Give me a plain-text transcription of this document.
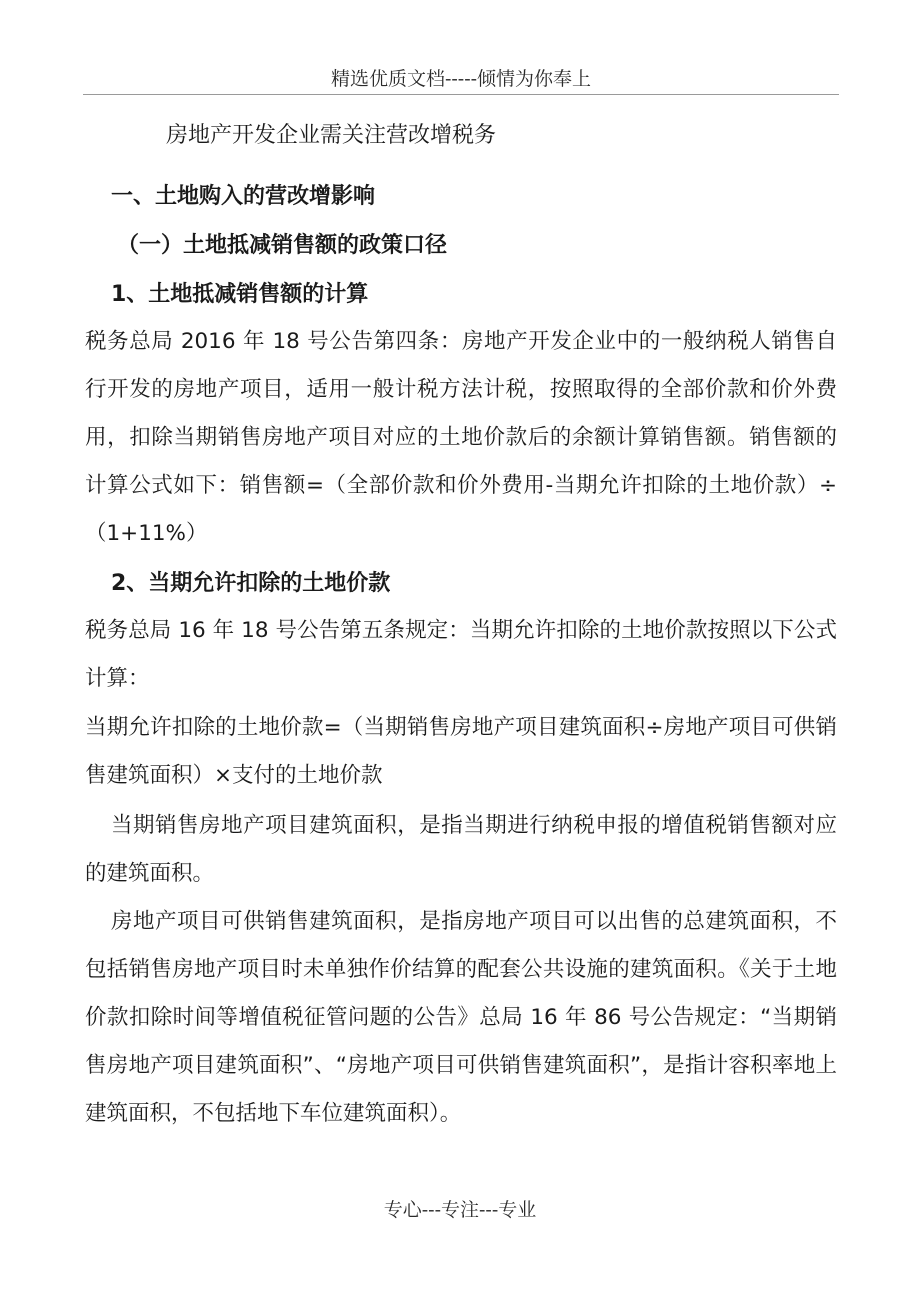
精选优质文档-----倾情为你奉上
房地产开发企业需关注营改增税务
一、土地购入的营改增影响
（一）土地抵减销售额的政策口径
1、土地抵减销售额的计算
税务总局 2016 年 18 号公告第四条：房地产开发企业中的一般纳税人销售自行开发的房地产项目，适用一般计税方法计税，按照取得的全部价款和价外费用，扣除当期销售房地产项目对应的土地价款后的余额计算销售额。销售额的计算公式如下：销售额=（全部价款和价外费用-当期允许扣除的土地价款）÷（1+11%）
2、当期允许扣除的土地价款
税务总局 16 年 18 号公告第五条规定：当期允许扣除的土地价款按照以下公式计算：
当期允许扣除的土地价款=（当期销售房地产项目建筑面积÷房地产项目可供销售建筑面积）×支付的土地价款
当期销售房地产项目建筑面积，是指当期进行纳税申报的增值税销售额对应的建筑面积。
房地产项目可供销售建筑面积，是指房地产项目可以出售的总建筑面积，不包括销售房地产项目时未单独作价结算的配套公共设施的建筑面积。《关于土地价款扣除时间等增值税征管问题的公告》总局 16 年 86 号公告规定：“当期销售房地产项目建筑面积”、“房地产项目可供销售建筑面积”，是指计容积率地上建筑面积，不包括地下车位建筑面积）。
专心---专注---专业
